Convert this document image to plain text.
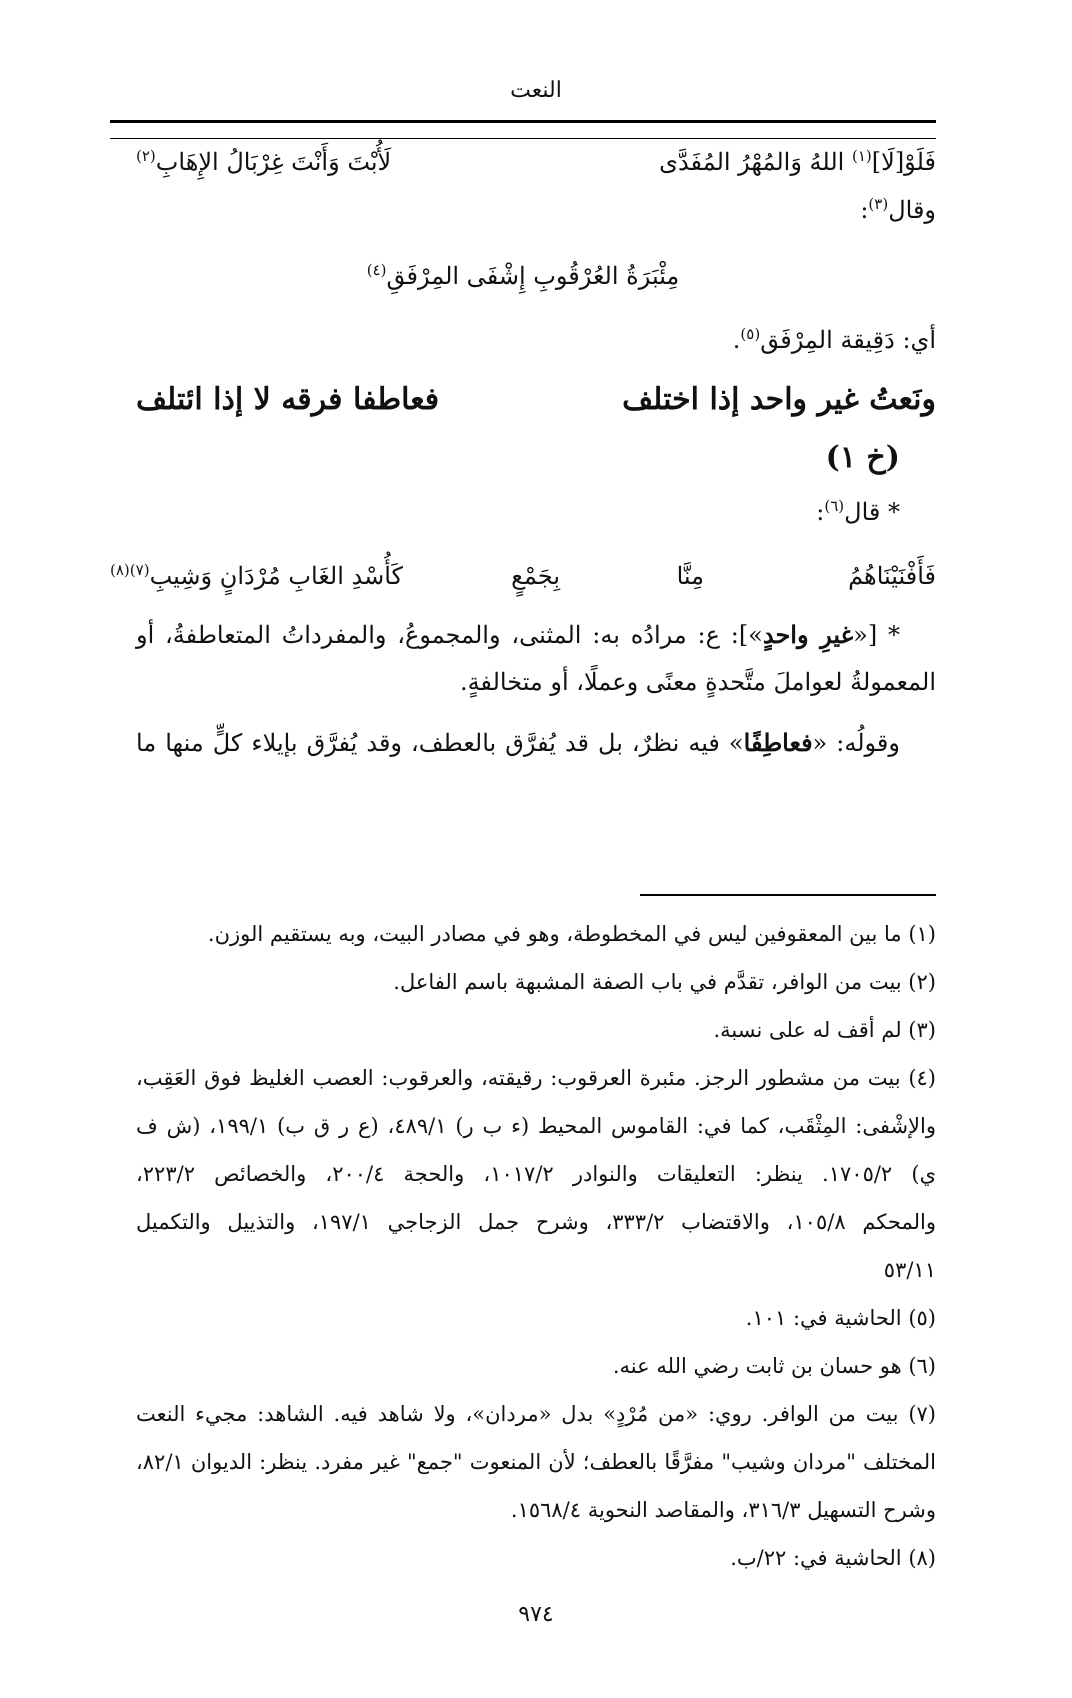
النعت
فَلَوْ[لَا]$^{(١)}$ اللهُ وَالمُهْرُ المُفَدَّى
لَأُبْتَ وَأَنْتَ غِرْبَالُ الإِهَابِ$^{(٢)}$
وقال$^{(٣)}$:
مِئْبَرَةُ العُرْقُوبِ إِشْفَى المِرْفَقِ$^{(٤)}$
أي: دَقِيقة المِرْفَق$^{(٥)}$.
ونَعتُ غير واحد إذا اختلف
فعاطفا فرقه لا إذا ائتلف
(خ ١)
* قال$^{(٦)}$:
فَأَفْنَيْنَاهُمُ
مِنَّا
بِجَمْعٍ
كَأُسْدِ الغَابِ مُرْدَانٍ وَشِيبِ$^{(٧)(٨)}$
* [«غيرِ واحدٍ»]: ع: مرادُه به: المثنى، والمجموعُ، والمفرداتُ المتعاطفةُ، أو
المعمولةُ لعواملَ متَّحدةٍ معنًى وعملًا، أو متخالفةٍ.
وقولُه: «فعاطِفًا» فيه نظرٌ، بل قد يُفرَّق بالعطف، وقد يُفرَّق بإيلاء كلٍّ منها ما
(١) ما بين المعقوفين ليس في المخطوطة، وهو في مصادر البيت، وبه يستقيم الوزن.
(٢) بيت من الوافر، تقدَّم في باب الصفة المشبهة باسم الفاعل.
(٣) لم أقف له على نسبة.
(٤) بيت من مشطور الرجز. مئبرة العرقوب: رقيقته، والعرقوب: العصب الغليظ فوق العَقِب،
والإشْفى: المِثْقَب، كما في: القاموس المحيط (ء ب ر) ٤٨٩/١، (ع ر ق ب) ١٩٩/١، (ش ف
ي) ١٧٠٥/٢. ينظر: التعليقات والنوادر ١٠١٧/٢، والحجة ٢٠٠/٤، والخصائص ٢٢٣/٢،
والمحكم ١٠٥/٨، والاقتضاب ٣٣٣/٢، وشرح جمل الزجاجي ١٩٧/١، والتذييل والتكميل
٥٣/١١
(٥) الحاشية في: ١٠١.
(٦) هو حسان بن ثابت رضي الله عنه.
(٧) بيت من الوافر. روي: «من مُرْدٍ» بدل «مردان»، ولا شاهد فيه. الشاهد: مجيء النعت
المختلف "مردان وشيب" مفرَّقًا بالعطف؛ لأن المنعوت "جمع" غير مفرد. ينظر: الديوان ٨٢/١،
وشرح التسهيل ٣١٦/٣، والمقاصد النحوية ١٥٦٨/٤.
(٨) الحاشية في: ٢٢/ب.
٩٧٤
